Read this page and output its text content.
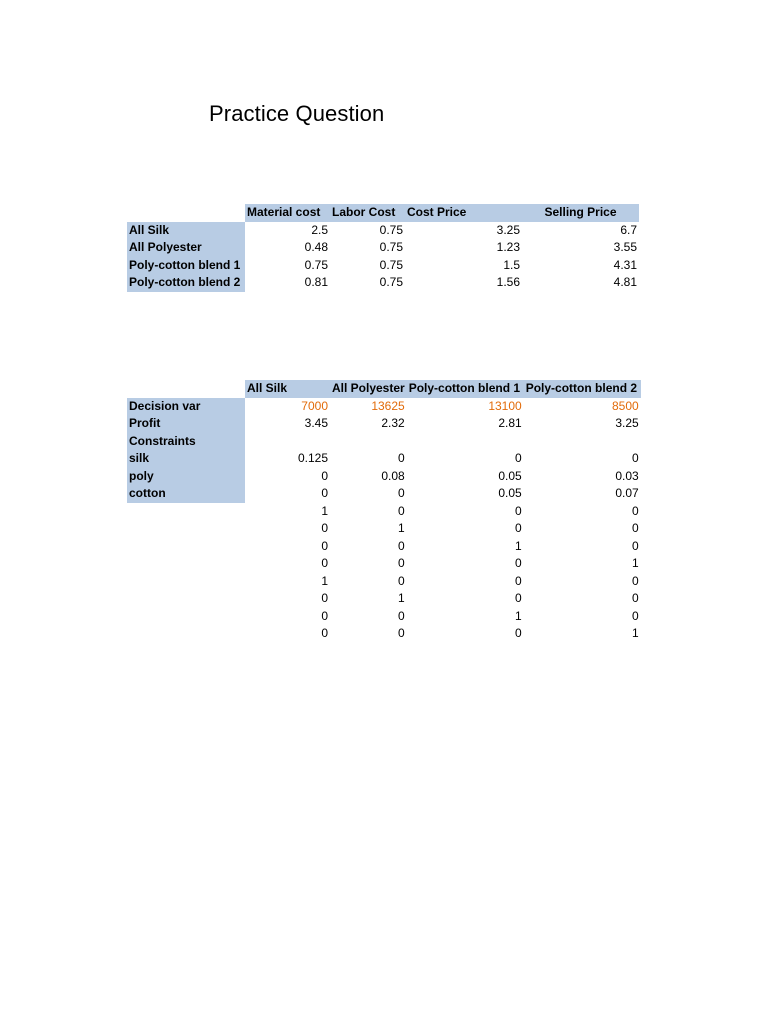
Practice Question
	Material cost	Labor Cost	Cost Price	Selling Price
All Silk	2.5	0.75	3.25	6.7
All Polyester	0.48	0.75	1.23	3.55
Poly-cotton blend 1	0.75	0.75	1.5	4.31
Poly-cotton blend 2	0.81	0.75	1.56	4.81
	All Silk	All Polyester	Poly-cotton blend 1	Poly-cotton blend 2
Decision var	7000	13625	13100	8500
Profit	3.45	2.32	2.81	3.25
Constraints				
silk	0.125	0	0	0
poly	0	0.08	0.05	0.03
cotton	0	0	0.05	0.07
	1	0	0	0
	0	1	0	0
	0	0	1	0
	0	0	0	1
	1	0	0	0
	0	1	0	0
	0	0	1	0
	0	0	0	1
